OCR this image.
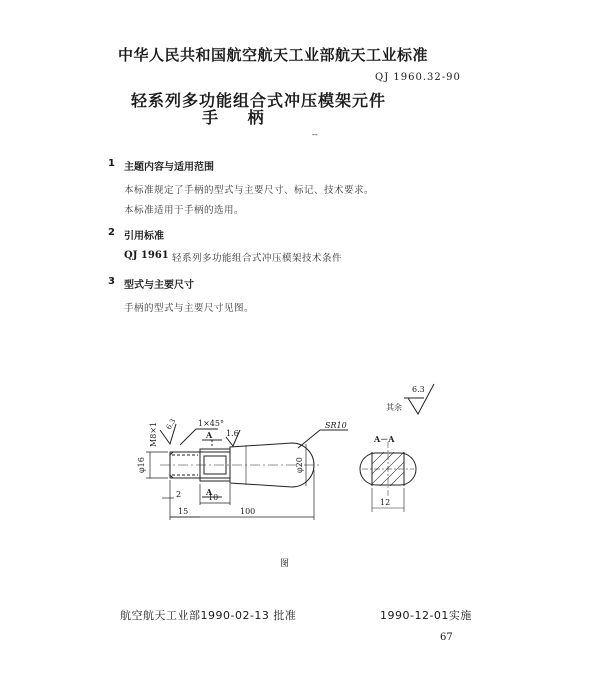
中华人民共和国航空航天工业部航天工业标准
QJ 1960.32-90
轻系列多功能组合式冲压模架元件
手 柄
‐‐
1 主题内容与适用范围
本标准规定了手柄的型式与主要尺寸、标记、技术要求。
本标准适用于手柄的选用。
2 引用标准
QJ 1961 轻系列多功能组合式冲压模架技术条件
3 型式与主要尺寸
手柄的型式与主要尺寸见图。
其余
6.3
M8×1 6.3	1×45°
1.6
A
A
SR10
φ16	φ20
2	10
15	100
A－A
12
图
航空航天工业部1990-02-13 批准	1990-12-01实施
67
